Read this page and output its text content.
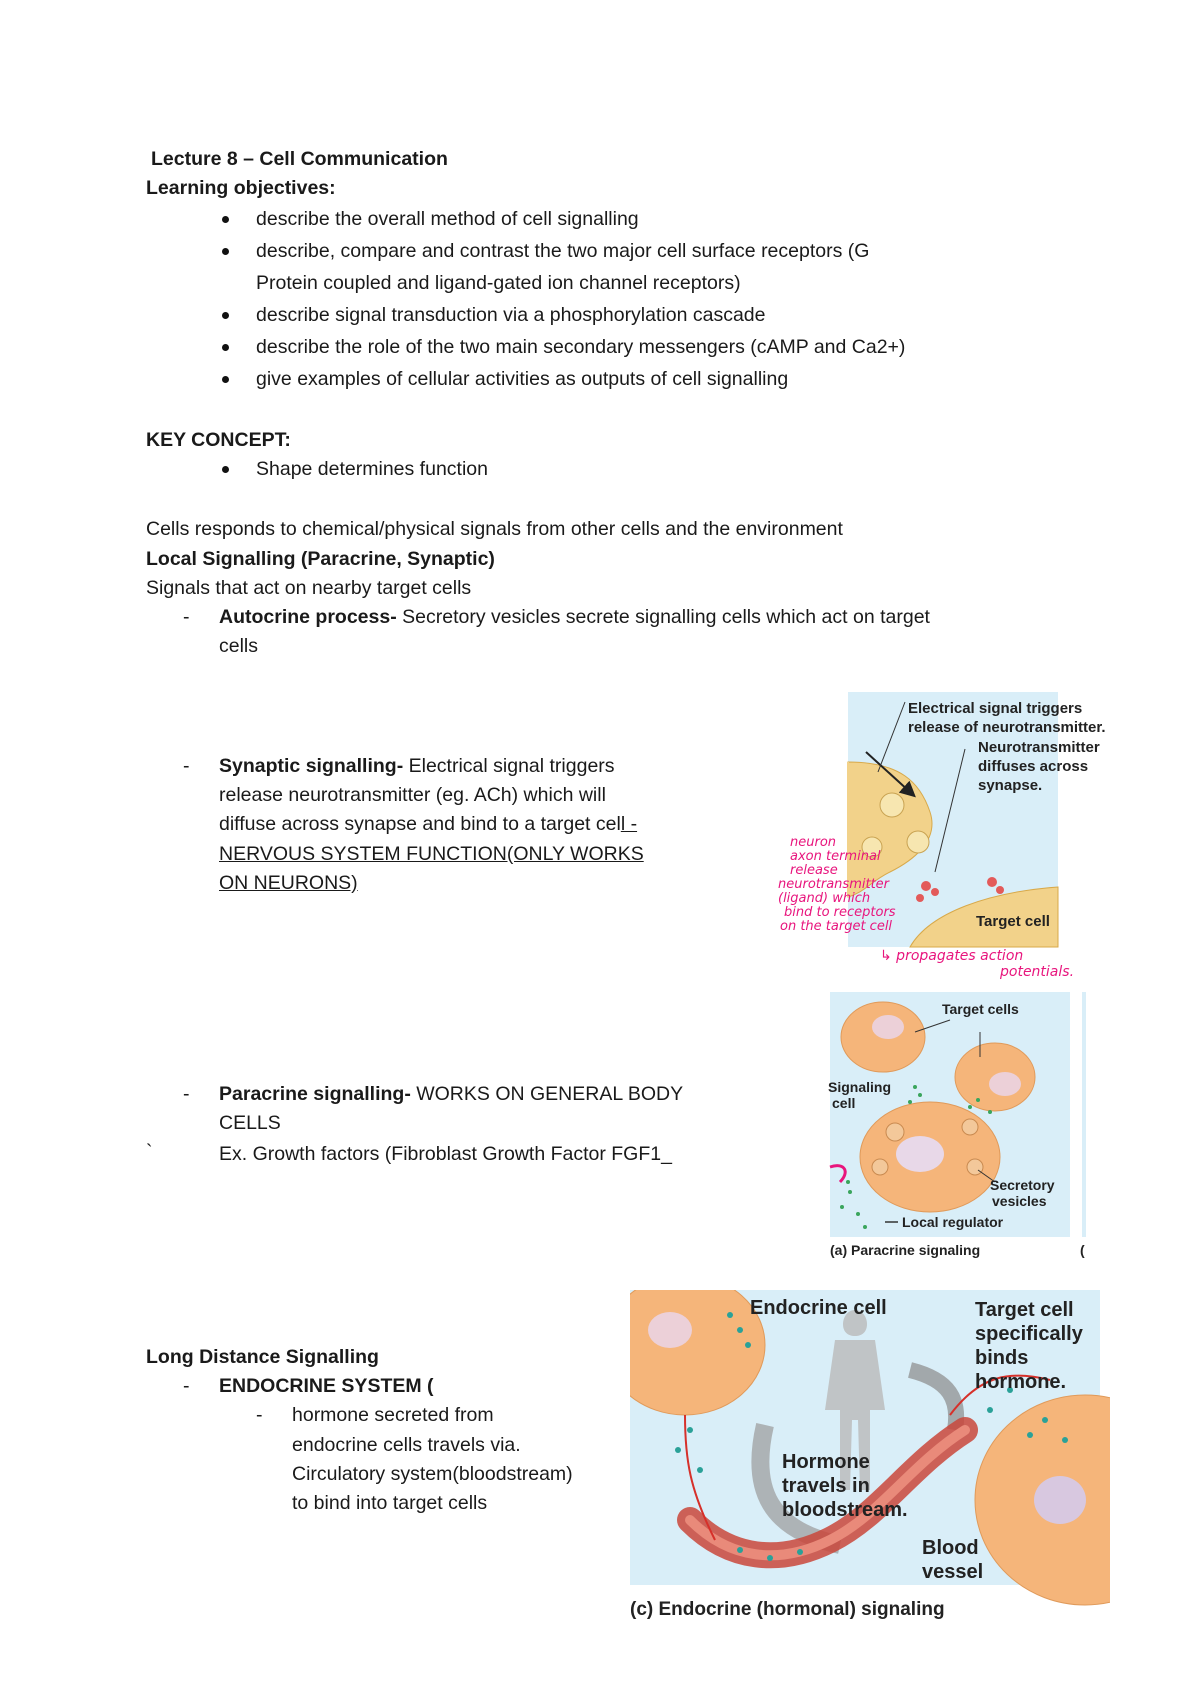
Lecture 8 – Cell Communication
Learning objectives:
describe the overall method of cell signalling
describe, compare and contrast the two major cell surface receptors (G
Protein coupled and ligand-gated ion channel receptors)
describe signal transduction via a phosphorylation cascade
describe the role of the two main secondary messengers (cAMP and Ca2+)
give examples of cellular activities as outputs of cell signalling
KEY CONCEPT:
Shape determines function
Cells responds to chemical/physical signals from other cells and the environment
Local Signalling (Paracrine, Synaptic)
Signals that act on nearby target cells
- Autocrine process- Secretory vesicles secrete signalling cells which act on target
cells
- Synaptic signalling- Electrical signal triggers
release neurotransmitter (eg. ACh) which will
diffuse across synapse and bind to a target cell -
NERVOUS SYSTEM FUNCTION(ONLY WORKS
ON NEURONS)
- Paracrine signalling- WORKS ON GENERAL BODY
CELLS
`	Ex. Growth factors (Fibroblast Growth Factor FGF1_
Long Distance Signalling
- ENDOCRINE SYSTEM (
- hormone secreted from
endocrine cells travels via.
Circulatory system(bloodstream)
to bind into target cells
Electrical signal triggers
release of neurotransmitter.
Neurotransmitter
diffuses across
synapse.
Target cell
neuron
axon terminal
release
neurotransmitter
(ligand) which
bind to receptors
on the target cell
↳ propagates action
potentials.
Target cells
Signaling
cell
Secretory
vesicles
Local regulator
(a) Paracrine signaling	(
Endocrine cell	Target cell
specifically
binds
hormone.
Hormone
travels in
bloodstream.
Blood
vessel
(c) Endocrine (hormonal) signaling
